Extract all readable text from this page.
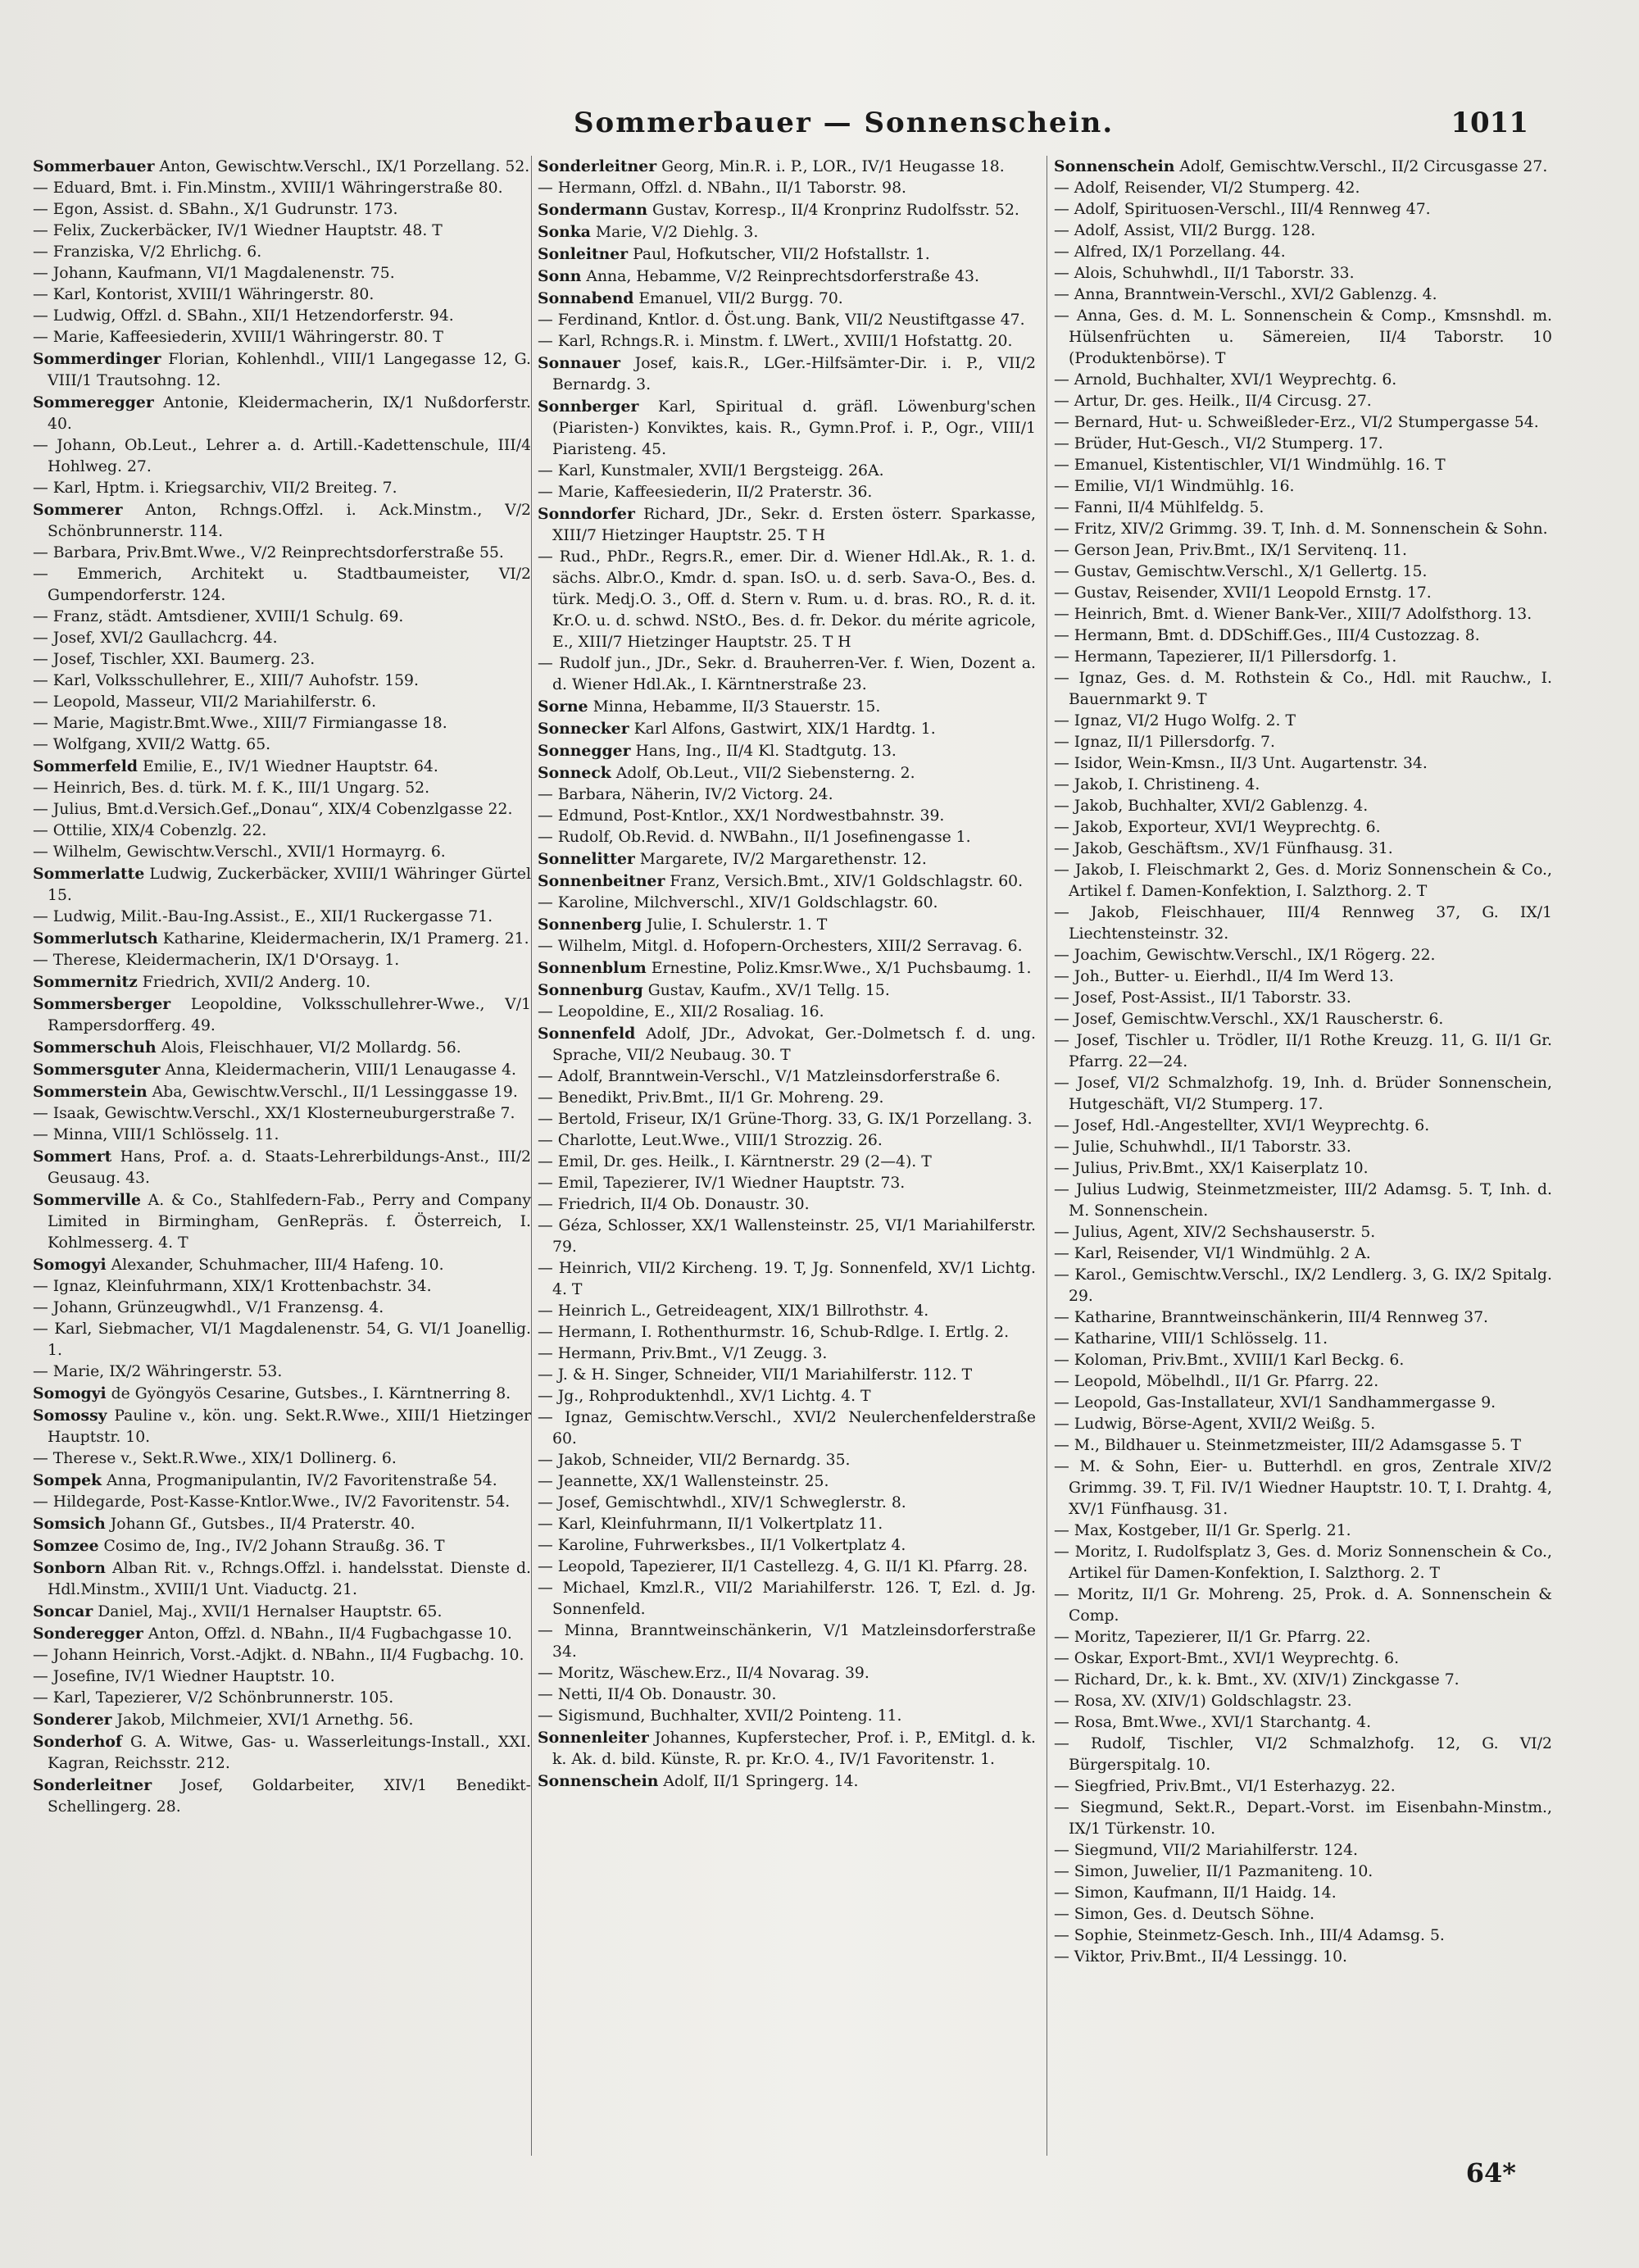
Sommerbauer — Sonnenschein.	1011

Sommerbauer Anton, Gewischtw.Verschl., IX/1 Porzellang. 52.

— Eduard, Bmt. i. Fin.Minstm., XVIII/1 Währingerstraße 80.

— Egon, Assist. d. SBahn., X/1 Gudrunstr. 173.

— Felix, Zuckerbäcker, IV/1 Wiedner Hauptstr. 48. T

— Franziska, V/2 Ehrlichg. 6.

— Johann, Kaufmann, VI/1 Magdalenenstr. 75.

— Karl, Kontorist, XVIII/1 Währingerstr. 80.

— Ludwig, Offzl. d. SBahn., XII/1 Hetzendorferstr. 94.

— Marie, Kaffeesiederin, XVIII/1 Währingerstr. 80. T

Sommerdinger Florian, Kohlenhdl., VIII/1 Langegasse 12, G. VIII/1 Trautsohng. 12.

Sommeregger Antonie, Kleidermacherin, IX/1 Nußdorferstr. 40.

— Johann, Ob.Leut., Lehrer a. d. Artill.-Kadettenschule, III/4 Hohlweg. 27.

— Karl, Hptm. i. Kriegsarchiv, VII/2 Breiteg. 7.

Sommerer Anton, Rchngs.Offzl. i. Ack.Minstm., V/2 Schönbrunnerstr. 114.

— Barbara, Priv.Bmt.Wwe., V/2 Reinprechtsdorferstraße 55.

— Emmerich, Architekt u. Stadtbaumeister, VI/2 Gumpendorferstr. 124.

— Franz, städt. Amtsdiener, XVIII/1 Schulg. 69.

— Josef, XVI/2 Gaullachcrg. 44.

— Josef, Tischler, XXI. Baumerg. 23.

— Karl, Volksschullehrer, E., XIII/7 Auhofstr. 159.

— Leopold, Masseur, VII/2 Mariahilferstr. 6.

— Marie, Magistr.Bmt.Wwe., XIII/7 Firmiangasse 18.

— Wolfgang, XVII/2 Wattg. 65.

Sommerfeld Emilie, E., IV/1 Wiedner Hauptstr. 64.

— Heinrich, Bes. d. türk. M. f. K., III/1 Ungarg. 52.

— Julius, Bmt.d.Versich.Gef.„Donau“, XIX/4 Cobenzlgasse 22.

— Ottilie, XIX/4 Cobenzlg. 22.

— Wilhelm, Gewischtw.Verschl., XVII/1 Hormayrg. 6.

Sommerlatte Ludwig, Zuckerbäcker, XVIII/1 Währinger Gürtel 15.

— Ludwig, Milit.-Bau-Ing.Assist., E., XII/1 Ruckergasse 71.

Sommerlutsch Katharine, Kleidermacherin, IX/1 Pramerg. 21.

— Therese, Kleidermacherin, IX/1 D'Orsayg. 1.

Sommernitz Friedrich, XVII/2 Anderg. 10.

Sommersberger Leopoldine, Volksschullehrer-Wwe., V/1 Rampersdorfferg. 49.

Sommerschuh Alois, Fleischhauer, VI/2 Mollardg. 56.

Sommersguter Anna, Kleidermacherin, VIII/1 Lenaugasse 4.

Sommerstein Aba, Gewischtw.Verschl., II/1 Lessinggasse 19.

— Isaak, Gewischtw.Verschl., XX/1 Klosterneuburgerstraße 7.

— Minna, VIII/1 Schlösselg. 11.

Sommert Hans, Prof. a. d. Staats-Lehrerbildungs-Anst., III/2 Geusaug. 43.

Sommerville A. & Co., Stahlfedern-Fab., Perry and Company Limited in Birmingham, GenRepräs. f. Österreich, I. Kohlmesserg. 4. T

Somogyi Alexander, Schuhmacher, III/4 Hafeng. 10.

— Ignaz, Kleinfuhrmann, XIX/1 Krottenbachstr. 34.

— Johann, Grünzeugwhdl., V/1 Franzensg. 4.

— Karl, Siebmacher, VI/1 Magdalenenstr. 54, G. VI/1 Joanellig. 1.

— Marie, IX/2 Währingerstr. 53.

Somogyi de Gyöngyös Cesarine, Gutsbes., I. Kärntnerring 8.

Somossy Pauline v., kön. ung. Sekt.R.Wwe., XIII/1 Hietzinger Hauptstr. 10.

— Therese v., Sekt.R.Wwe., XIX/1 Dollinerg. 6.

Sompek Anna, Progmanipulantin, IV/2 Favoritenstraße 54.

— Hildegarde, Post-Kasse-Kntlor.Wwe., IV/2 Favoritenstr. 54.

Somsich Johann Gf., Gutsbes., II/4 Praterstr. 40.

Somzee Cosimo de, Ing., IV/2 Johann Straußg. 36. T

Sonborn Alban Rit. v., Rchngs.Offzl. i. handelsstat. Dienste d. Hdl.Minstm., XVIII/1 Unt. Viaductg. 21.

Soncar Daniel, Maj., XVII/1 Hernalser Hauptstr. 65.

Sonderegger Anton, Offzl. d. NBahn., II/4 Fugbachgasse 10.

— Johann Heinrich, Vorst.-Adjkt. d. NBahn., II/4 Fugbachg. 10.

— Josefine, IV/1 Wiedner Hauptstr. 10.

— Karl, Tapezierer, V/2 Schönbrunnerstr. 105.

Sonderer Jakob, Milchmeier, XVI/1 Arnethg. 56.

Sonderhof G. A. Witwe, Gas- u. Wasserleitungs-Install., XXI. Kagran, Reichsstr. 212.

Sonderleitner Josef, Goldarbeiter, XIV/1 Benedikt-Schellingerg. 28.

Sonderleitner Georg, Min.R. i. P., LOR., IV/1 Heugasse 18.

— Hermann, Offzl. d. NBahn., II/1 Taborstr. 98.

Sondermann Gustav, Korresp., II/4 Kronprinz Rudolfsstr. 52.

Sonka Marie, V/2 Diehlg. 3.

Sonleitner Paul, Hofkutscher, VII/2 Hofstallstr. 1.

Sonn Anna, Hebamme, V/2 Reinprechtsdorferstraße 43.

Sonnabend Emanuel, VII/2 Burgg. 70.

— Ferdinand, Kntlor. d. Öst.ung. Bank, VII/2 Neustiftgasse 47.

— Karl, Rchngs.R. i. Minstm. f. LWert., XVIII/1 Hofstattg. 20.

Sonnauer Josef, kais.R., LGer.-Hilfsämter-Dir. i. P., VII/2 Bernardg. 3.

Sonnberger Karl, Spiritual d. gräfl. Löwenburg'schen (Piaristen-) Konviktes, kais. R., Gymn.Prof. i. P., Ogr., VIII/1 Piaristeng. 45.

— Karl, Kunstmaler, XVII/1 Bergsteigg. 26A.

— Marie, Kaffeesiederin, II/2 Praterstr. 36.

Sonndorfer Richard, JDr., Sekr. d. Ersten österr. Sparkasse, XIII/7 Hietzinger Hauptstr. 25. T H

— Rud., PhDr., Regrs.R., emer. Dir. d. Wiener Hdl.Ak., R. 1. d. sächs. Albr.O., Kmdr. d. span. IsO. u. d. serb. Sava-O., Bes. d. türk. Medj.O. 3., Off. d. Stern v. Rum. u. d. bras. RO., R. d. it. Kr.O. u. d. schwd. NStO., Bes. d. fr. Dekor. du mérite agricole, E., XIII/7 Hietzinger Hauptstr. 25. T H

— Rudolf jun., JDr., Sekr. d. Brauherren-Ver. f. Wien, Dozent a. d. Wiener Hdl.Ak., I. Kärntnerstraße 23.

Sorne Minna, Hebamme, II/3 Stauerstr. 15.

Sonnecker Karl Alfons, Gastwirt, XIX/1 Hardtg. 1.

Sonnegger Hans, Ing., II/4 Kl. Stadtgutg. 13.

Sonneck Adolf, Ob.Leut., VII/2 Siebensterng. 2.

— Barbara, Näherin, IV/2 Victorg. 24.

— Edmund, Post-Kntlor., XX/1 Nordwestbahnstr. 39.

— Rudolf, Ob.Revid. d. NWBahn., II/1 Josefinengasse 1.

Sonnelitter Margarete, IV/2 Margarethenstr. 12.

Sonnenbeitner Franz, Versich.Bmt., XIV/1 Goldschlagstr. 60.

— Karoline, Milchverschl., XIV/1 Goldschlagstr. 60.

Sonnenberg Julie, I. Schulerstr. 1. T

— Wilhelm, Mitgl. d. Hofopern-Orchesters, XIII/2 Serravag. 6.

Sonnenblum Ernestine, Poliz.Kmsr.Wwe., X/1 Puchsbaumg. 1.

Sonnenburg Gustav, Kaufm., XV/1 Tellg. 15.

— Leopoldine, E., XII/2 Rosaliag. 16.

Sonnenfeld Adolf, JDr., Advokat, Ger.-Dolmetsch f. d. ung. Sprache, VII/2 Neubaug. 30. T

— Adolf, Branntwein-Verschl., V/1 Matzleinsdorferstraße 6.

— Benedikt, Priv.Bmt., II/1 Gr. Mohreng. 29.

— Bertold, Friseur, IX/1 Grüne-Thorg. 33, G. IX/1 Porzellang. 3.

— Charlotte, Leut.Wwe., VIII/1 Strozzig. 26.

— Emil, Dr. ges. Heilk., I. Kärntnerstr. 29 (2—4). T

— Emil, Tapezierer, IV/1 Wiedner Hauptstr. 73.

— Friedrich, II/4 Ob. Donaustr. 30.

— Géza, Schlosser, XX/1 Wallensteinstr. 25, VI/1 Mariahilferstr. 79.

— Heinrich, VII/2 Kircheng. 19. T, Jg. Sonnenfeld, XV/1 Lichtg. 4. T

— Heinrich L., Getreideagent, XIX/1 Billrothstr. 4.

— Hermann, I. Rothenthurmstr. 16, Schub-Rdlge. I. Ertlg. 2.

— Hermann, Priv.Bmt., V/1 Zeugg. 3.

— J. & H. Singer, Schneider, VII/1 Mariahilferstr. 112. T

— Jg., Rohproduktenhdl., XV/1 Lichtg. 4. T

— Ignaz, Gemischtw.Verschl., XVI/2 Neulerchenfelderstraße 60.

— Jakob, Schneider, VII/2 Bernardg. 35.

— Jeannette, XX/1 Wallensteinstr. 25.

— Josef, Gemischtwhdl., XIV/1 Schweglerstr. 8.

— Karl, Kleinfuhrmann, II/1 Volkertplatz 11.

— Karoline, Fuhrwerksbes., II/1 Volkertplatz 4.

— Leopold, Tapezierer, II/1 Castellezg. 4, G. II/1 Kl. Pfarrg. 28.

— Michael, Kmzl.R., VII/2 Mariahilferstr. 126. T, Ezl. d. Jg. Sonnenfeld.

— Minna, Branntweinschänkerin, V/1 Matzleinsdorferstraße 34.

— Moritz, Wäschew.Erz., II/4 Novarag. 39.

— Netti, II/4 Ob. Donaustr. 30.

— Sigismund, Buchhalter, XVII/2 Pointeng. 11.

Sonnenleiter Johannes, Kupferstecher, Prof. i. P., EMitgl. d. k. k. Ak. d. bild. Künste, R. pr. Kr.O. 4., IV/1 Favoritenstr. 1.

Sonnenschein Adolf, II/1 Springerg. 14.

Sonnenschein Adolf, Gemischtw.Verschl., II/2 Circusgasse 27.

— Adolf, Reisender, VI/2 Stumperg. 42.

— Adolf, Spirituosen-Verschl., III/4 Rennweg 47.

— Adolf, Assist, VII/2 Burgg. 128.

— Alfred, IX/1 Porzellang. 44.

— Alois, Schuhwhdl., II/1 Taborstr. 33.

— Anna, Branntwein-Verschl., XVI/2 Gablenzg. 4.

— Anna, Ges. d. M. L. Sonnenschein & Comp., Kmsnshdl. m. Hülsenfrüchten u. Sämereien, II/4 Taborstr. 10 (Produktenbörse). T

— Arnold, Buchhalter, XVI/1 Weyprechtg. 6.

— Artur, Dr. ges. Heilk., II/4 Circusg. 27.

— Bernard, Hut- u. Schweißleder-Erz., VI/2 Stumpergasse 54.

— Brüder, Hut-Gesch., VI/2 Stumperg. 17.

— Emanuel, Kistentischler, VI/1 Windmühlg. 16. T

— Emilie, VI/1 Windmühlg. 16.

— Fanni, II/4 Mühlfeldg. 5.

— Fritz, XIV/2 Grimmg. 39. T, Inh. d. M. Sonnenschein & Sohn.

— Gerson Jean, Priv.Bmt., IX/1 Servitenq. 11.

— Gustav, Gemischtw.Verschl., X/1 Gellertg. 15.

— Gustav, Reisender, XVII/1 Leopold Ernstg. 17.

— Heinrich, Bmt. d. Wiener Bank-Ver., XIII/7 Adolfsthorg. 13.

— Hermann, Bmt. d. DDSchiff.Ges., III/4 Custozzag. 8.

— Hermann, Tapezierer, II/1 Pillersdorfg. 1.

— Ignaz, Ges. d. M. Rothstein & Co., Hdl. mit Rauchw., I. Bauernmarkt 9. T

— Ignaz, VI/2 Hugo Wolfg. 2. T

— Ignaz, II/1 Pillersdorfg. 7.

— Isidor, Wein-Kmsn., II/3 Unt. Augartenstr. 34.

— Jakob, I. Christineng. 4.

— Jakob, Buchhalter, XVI/2 Gablenzg. 4.

— Jakob, Exporteur, XVI/1 Weyprechtg. 6.

— Jakob, Geschäftsm., XV/1 Fünfhausg. 31.

— Jakob, I. Fleischmarkt 2, Ges. d. Moriz Sonnenschein & Co., Artikel f. Damen-Konfektion, I. Salzthorg. 2. T

— Jakob, Fleischhauer, III/4 Rennweg 37, G. IX/1 Liechtensteinstr. 32.

— Joachim, Gewischtw.Verschl., IX/1 Rögerg. 22.

— Joh., Butter- u. Eierhdl., II/4 Im Werd 13.

— Josef, Post-Assist., II/1 Taborstr. 33.

— Josef, Gemischtw.Verschl., XX/1 Rauscherstr. 6.

— Josef, Tischler u. Trödler, II/1 Rothe Kreuzg. 11, G. II/1 Gr. Pfarrg. 22—24.

— Josef, VI/2 Schmalzhofg. 19, Inh. d. Brüder Sonnenschein, Hutgeschäft, VI/2 Stumperg. 17.

— Josef, Hdl.-Angestellter, XVI/1 Weyprechtg. 6.

— Julie, Schuhwhdl., II/1 Taborstr. 33.

— Julius, Priv.Bmt., XX/1 Kaiserplatz 10.

— Julius Ludwig, Steinmetzmeister, III/2 Adamsg. 5. T, Inh. d. M. Sonnenschein.

— Julius, Agent, XIV/2 Sechshauserstr. 5.

— Karl, Reisender, VI/1 Windmühlg. 2 A.

— Karol., Gemischtw.Verschl., IX/2 Lendlerg. 3, G. IX/2 Spitalg. 29.

— Katharine, Branntweinschänkerin, III/4 Rennweg 37.

— Katharine, VIII/1 Schlösselg. 11.

— Koloman, Priv.Bmt., XVIII/1 Karl Beckg. 6.

— Leopold, Möbelhdl., II/1 Gr. Pfarrg. 22.

— Leopold, Gas-Installateur, XVI/1 Sandhammergasse 9.

— Ludwig, Börse-Agent, XVII/2 Weißg. 5.

— M., Bildhauer u. Steinmetzmeister, III/2 Adamsgasse 5. T

— M. & Sohn, Eier- u. Butterhdl. en gros, Zentrale XIV/2 Grimmg. 39. T, Fil. IV/1 Wiedner Hauptstr. 10. T, I. Drahtg. 4, XV/1 Fünfhausg. 31.

— Max, Kostgeber, II/1 Gr. Sperlg. 21.

— Moritz, I. Rudolfsplatz 3, Ges. d. Moriz Sonnenschein & Co., Artikel für Damen-Konfektion, I. Salzthorg. 2. T

— Moritz, II/1 Gr. Mohreng. 25, Prok. d. A. Sonnenschein & Comp.

— Moritz, Tapezierer, II/1 Gr. Pfarrg. 22.

— Oskar, Export-Bmt., XVI/1 Weyprechtg. 6.

— Richard, Dr., k. k. Bmt., XV. (XIV/1) Zinckgasse 7.

— Rosa, XV. (XIV/1) Goldschlagstr. 23.

— Rosa, Bmt.Wwe., XVI/1 Starchantg. 4.

— Rudolf, Tischler, VI/2 Schmalzhofg. 12, G. VI/2 Bürgerspitalg. 10.

— Siegfried, Priv.Bmt., VI/1 Esterhazyg. 22.

— Siegmund, Sekt.R., Depart.-Vorst. im Eisenbahn-Minstm., IX/1 Türkenstr. 10.

— Siegmund, VII/2 Mariahilferstr. 124.

— Simon, Juwelier, II/1 Pazmaniteng. 10.

— Simon, Kaufmann, II/1 Haidg. 14.

— Simon, Ges. d. Deutsch Söhne.

— Sophie, Steinmetz-Gesch. Inh., III/4 Adamsg. 5.

— Viktor, Priv.Bmt., II/4 Lessingg. 10.

64*
